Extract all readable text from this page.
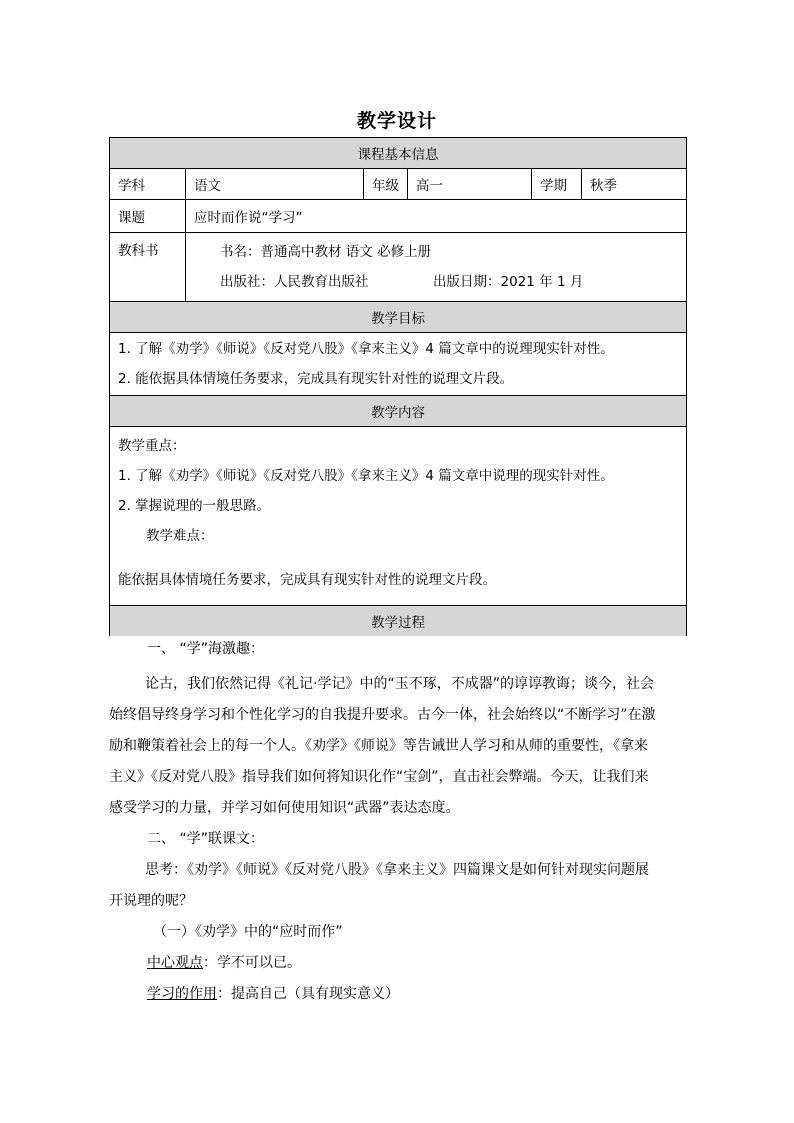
教学设计
课程基本信息					
学科	语文	年级	高一	学期	秋季
课题	应时而作说“学习”				
教科书	书名：普通高中教材 语文 必修上册
出版社：人民教育出版社 出版日期：2021 年 1 月				

教学目标					

1. 了解《劝学》《师说》《反对党八股》《拿来主义》4 篇文章中的说理现实针对性。
2. 能依据具体情境任务要求，完成具有现实针对性的说理文片段。					

教学内容					

教学重点：
1. 了解《劝学》《师说》《反对党八股》《拿来主义》4 篇文章中说理的现实针对性。
2. 掌握说理的一般思路。
教学难点：
能依据具体情境任务要求，完成具有现实针对性的说理文片段。					

教学过程					
一、 “学”海激趣：
论古，我们依然记得《礼记·学记》中的“玉不琢，不成器”的谆谆教诲；谈今，社会
始终倡导终身学习和个性化学习的自我提升要求。古今一体，社会始终以“不断学习”在激
励和鞭策着社会上的每一个人。《劝学》《师说》等告诫世人学习和从师的重要性，《拿来
主义》《反对党八股》指导我们如何将知识化作“宝剑”，直击社会弊端。今天，让我们来
感受学习的力量，并学习如何使用知识“武器”表达态度。
二、 “学”联课文：
思考：《劝学》《师说》《反对党八股》《拿来主义》四篇课文是如何针对现实问题展
开说理的呢？
（一）《劝学》中的“应时而作”
中心观点：学不可以已。
学习的作用：提高自己（具有现实意义）
